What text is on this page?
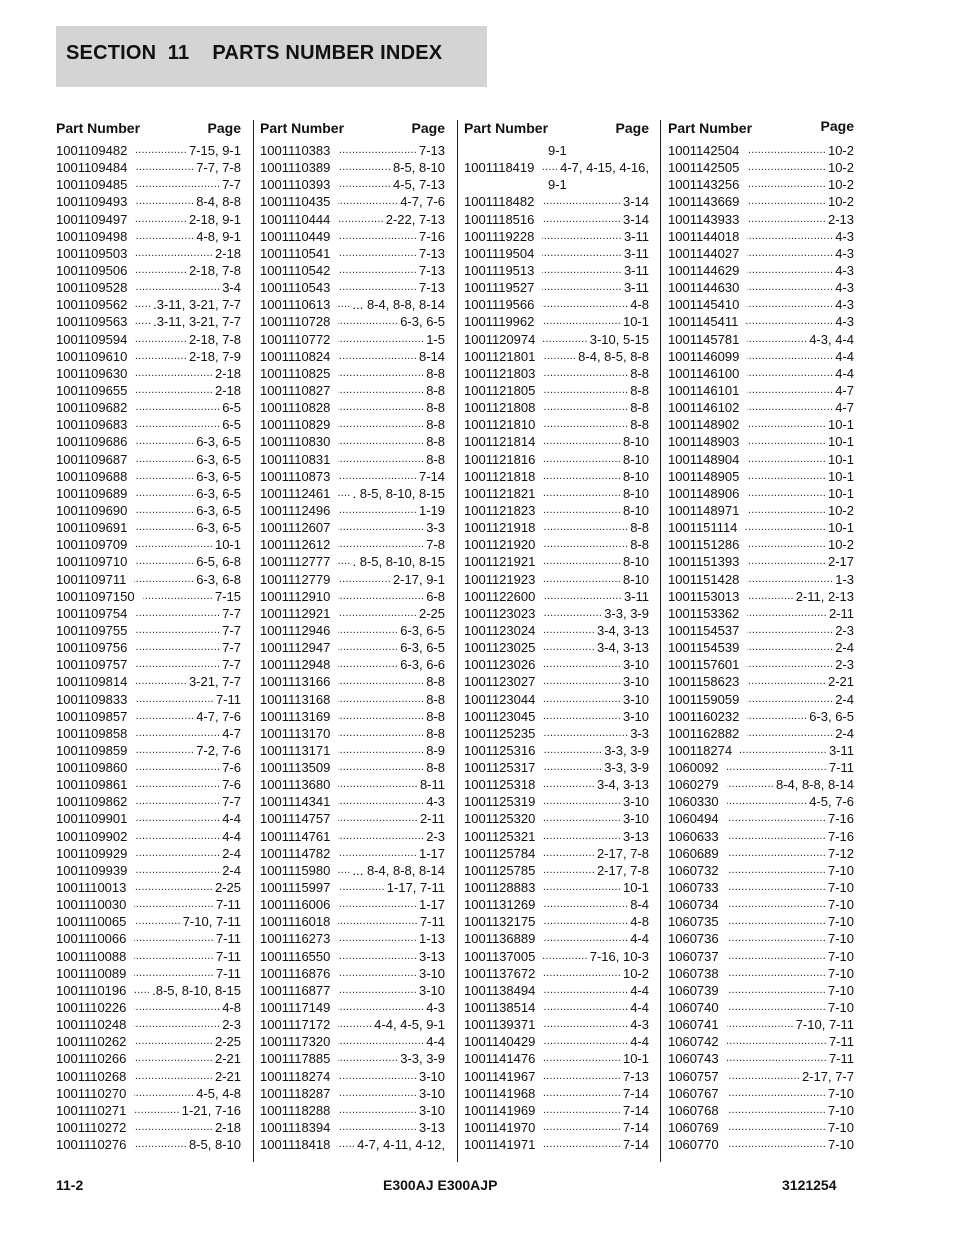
SECTION  11    PARTS NUMBER INDEX
Part Number	Page
1001109482 .....	7-15, 9-1
1001109484 .....	7-7, 7-8
1001109485 .....	7-7
1001109493 .....	8-4, 8-8
1001109497 .....	2-18, 9-1
1001109498 .....	4-8, 9-1
1001109503 .....	2-18
1001109506 .....	2-18, 7-8
1001109528 .....	3-4
1001109562 ..... .3-11, 3-21, 7-7
1001109563 ..... .3-11, 3-21, 7-7
1001109594 .....	2-18, 7-8
1001109610 .....	2-18, 7-9
1001109630 .....	2-18
1001109655 .....	2-18
1001109682 .....	6-5
1001109683 .....	6-5
1001109686 .....	6-3, 6-5
1001109687 .....	6-3, 6-5
1001109688 .....	6-3, 6-5
1001109689 .....	6-3, 6-5
1001109690 .....	6-3, 6-5
1001109691 .....	6-3, 6-5
1001109709 .....	10-1
1001109710 .....	6-5, 6-8
1001109711 .....	6-3, 6-8
10011097150 .....	7-15
1001109754 .....	7-7
1001109755 .....	7-7
1001109756 .....	7-7
1001109757 .....	7-7
1001109814 .....	3-21, 7-7
1001109833 .....	7-11
1001109857 .....	4-7, 7-6
1001109858 .....	4-7
1001109859 .....	7-2, 7-6
1001109860 .....	7-6
1001109861 .....	7-6
1001109862 .....	7-7
1001109901 .....	4-4
1001109902 .....	4-4
1001109929 .....	2-4
1001109939 .....	2-4
1001110013 .....	2-25
1001110030 .....	7-11
1001110065 .....	7-10, 7-11
1001110066 .....	7-11
1001110088 .....	7-11
1001110089 .....	7-11
1001110196 ..... .8-5, 8-10, 8-15
1001110226 .....	4-8
1001110248 .....	2-3
1001110262 .....	2-25
1001110266 .....	2-21
1001110268 .....	2-21
1001110270 .....	4-5, 4-8
1001110271 .....	1-21, 7-16
1001110272 .....	2-18
1001110276 .....	8-5, 8-10
Part Number	Page
1001110383 .....	7-13
1001110389 .....	8-5, 8-10
1001110393 .....	4-5, 7-13
1001110435 .....	4-7, 7-6
1001110444 .....	2-22, 7-13
1001110449 .....	7-16
1001110541 .....	7-13
1001110542 .....	7-13
1001110543 .....	7-13
1001110613 ..... ... 8-4, 8-8, 8-14
1001110728 .....	6-3, 6-5
1001110772 .....	1-5
1001110824 .....	8-14
1001110825 .....	8-8
1001110827 .....	8-8
1001110828 .....	8-8
1001110829 .....	8-8
1001110830 .....	8-8
1001110831 .....	8-8
1001110873 .....	7-14
1001112461 ..... . 8-5, 8-10, 8-15
1001112496 .....	1-19
1001112607 .....	3-3
1001112612 .....	7-8
1001112777 ..... . 8-5, 8-10, 8-15
1001112779 .....	2-17, 9-1
1001112910 .....	6-8
1001112921 .....	2-25
1001112946 .....	6-3, 6-5
1001112947 .....	6-3, 6-5
1001112948 .....	6-3, 6-6
1001113166 .....	8-8
1001113168 .....	8-8
1001113169 .....	8-8
1001113170 .....	8-8
1001113171 .....	8-9
1001113509 .....	8-8
1001113680 .....	8-11
1001114341 .....	4-3
1001114757 .....	2-11
1001114761 .....	2-3
1001114782 .....	1-17
1001115980 ..... ... 8-4, 8-8, 8-14
1001115997 .....	1-17, 7-11
1001116006 .....	1-17
1001116018 .....	7-11
1001116273 .....	1-13
1001116550 .....	3-13
1001116876 .....	3-10
1001116877 .....	3-10
1001117149 .....	4-3
1001117172 .....	4-4, 4-5, 9-1
1001117320 .....	4-4
1001117885 .....	3-3, 3-9
1001118274 .....	3-10
1001118287 .....	3-10
1001118288 .....	3-10
1001118394 .....	3-13
1001118418 ..... 4-7, 4-11, 4-12,
Part Number	Page
9-1
1001118419 ..... 4-7, 4-15, 4-16,
9-1
1001118482 .....	3-14
1001118516 .....	3-14
1001119228 .....	3-11
1001119504 .....	3-11
1001119513 .....	3-11
1001119527 .....	3-11
1001119566 .....	4-8
1001119962 .....	10-1
1001120974 .....	3-10, 5-15
1001121801 .....	8-4, 8-5, 8-8
1001121803 .....	8-8
1001121805 .....	8-8
1001121808 .....	8-8
1001121810 .....	8-8
1001121814 .....	8-10
1001121816 .....	8-10
1001121818 .....	8-10
1001121821 .....	8-10
1001121823 .....	8-10
1001121918 .....	8-8
1001121920 .....	8-8
1001121921 .....	8-10
1001121923 .....	8-10
1001122600 .....	3-11
1001123023 .....	3-3, 3-9
1001123024 .....	3-4, 3-13
1001123025 .....	3-4, 3-13
1001123026 .....	3-10
1001123027 .....	3-10
1001123044 .....	3-10
1001123045 .....	3-10
1001125235 .....	3-3
1001125316 .....	3-3, 3-9
1001125317 .....	3-3, 3-9
1001125318 .....	3-4, 3-13
1001125319 .....	3-10
1001125320 .....	3-10
1001125321 .....	3-13
1001125784 .....	2-17, 7-8
1001125785 .....	2-17, 7-8
1001128883 .....	10-1
1001131269 .....	8-4
1001132175 .....	4-8
1001136889 .....	4-4
1001137005 .....	7-16, 10-3
1001137672 .....	10-2
1001138494 .....	4-4
1001138514 .....	4-4
1001139371 .....	4-3
1001140429 .....	4-4
1001141476 .....	10-1
1001141967 .....	7-13
1001141968 .....	7-14
1001141969 .....	7-14
1001141970 .....	7-14
1001141971 .....	7-14
Part Number	Page
1001142504 .....	10-2
1001142505 .....	10-2
1001143256 .....	10-2
1001143669 .....	10-2
1001143933 .....	2-13
1001144018 .....	4-3
1001144027 .....	4-3
1001144629 .....	4-3
1001144630 .....	4-3
1001145410 .....	4-3
1001145411 .....	4-3
1001145781 .....	4-3, 4-4
1001146099 .....	4-4
1001146100 .....	4-4
1001146101 .....	4-7
1001146102 .....	4-7
1001148902 .....	10-1
1001148903 .....	10-1
1001148904 .....	10-1
1001148905 .....	10-1
1001148906 .....	10-1
1001148971 .....	10-2
1001151114 .....	10-1
1001151286 .....	10-2
1001151393 .....	2-17
1001151428 .....	1-3
1001153013 .....	2-11, 2-13
1001153362 .....	2-11
1001154537 .....	2-3
1001154539 .....	2-4
1001157601 .....	2-3
1001158623 .....	2-21
1001159059 .....	2-4
1001160232 .....	6-3, 6-5
1001162882 .....	2-4
100118274 .....	3-11
1060092 .....	7-11
1060279 .....	8-4, 8-8, 8-14
1060330 .....	4-5, 7-6
1060494 .....	7-16
1060633 .....	7-16
1060689 .....	7-12
1060732 .....	7-10
1060733 .....	7-10
1060734 .....	7-10
1060735 .....	7-10
1060736 .....	7-10
1060737 .....	7-10
1060738 .....	7-10
1060739 .....	7-10
1060740 .....	7-10
1060741 .....	7-10, 7-11
1060742 .....	7-11
1060743 .....	7-11
1060757 .....	2-17, 7-7
1060767 .....	7-10
1060768 .....	7-10
1060769 .....	7-10
1060770 .....	7-10
11-2	E300AJ E300AJP	3121254
